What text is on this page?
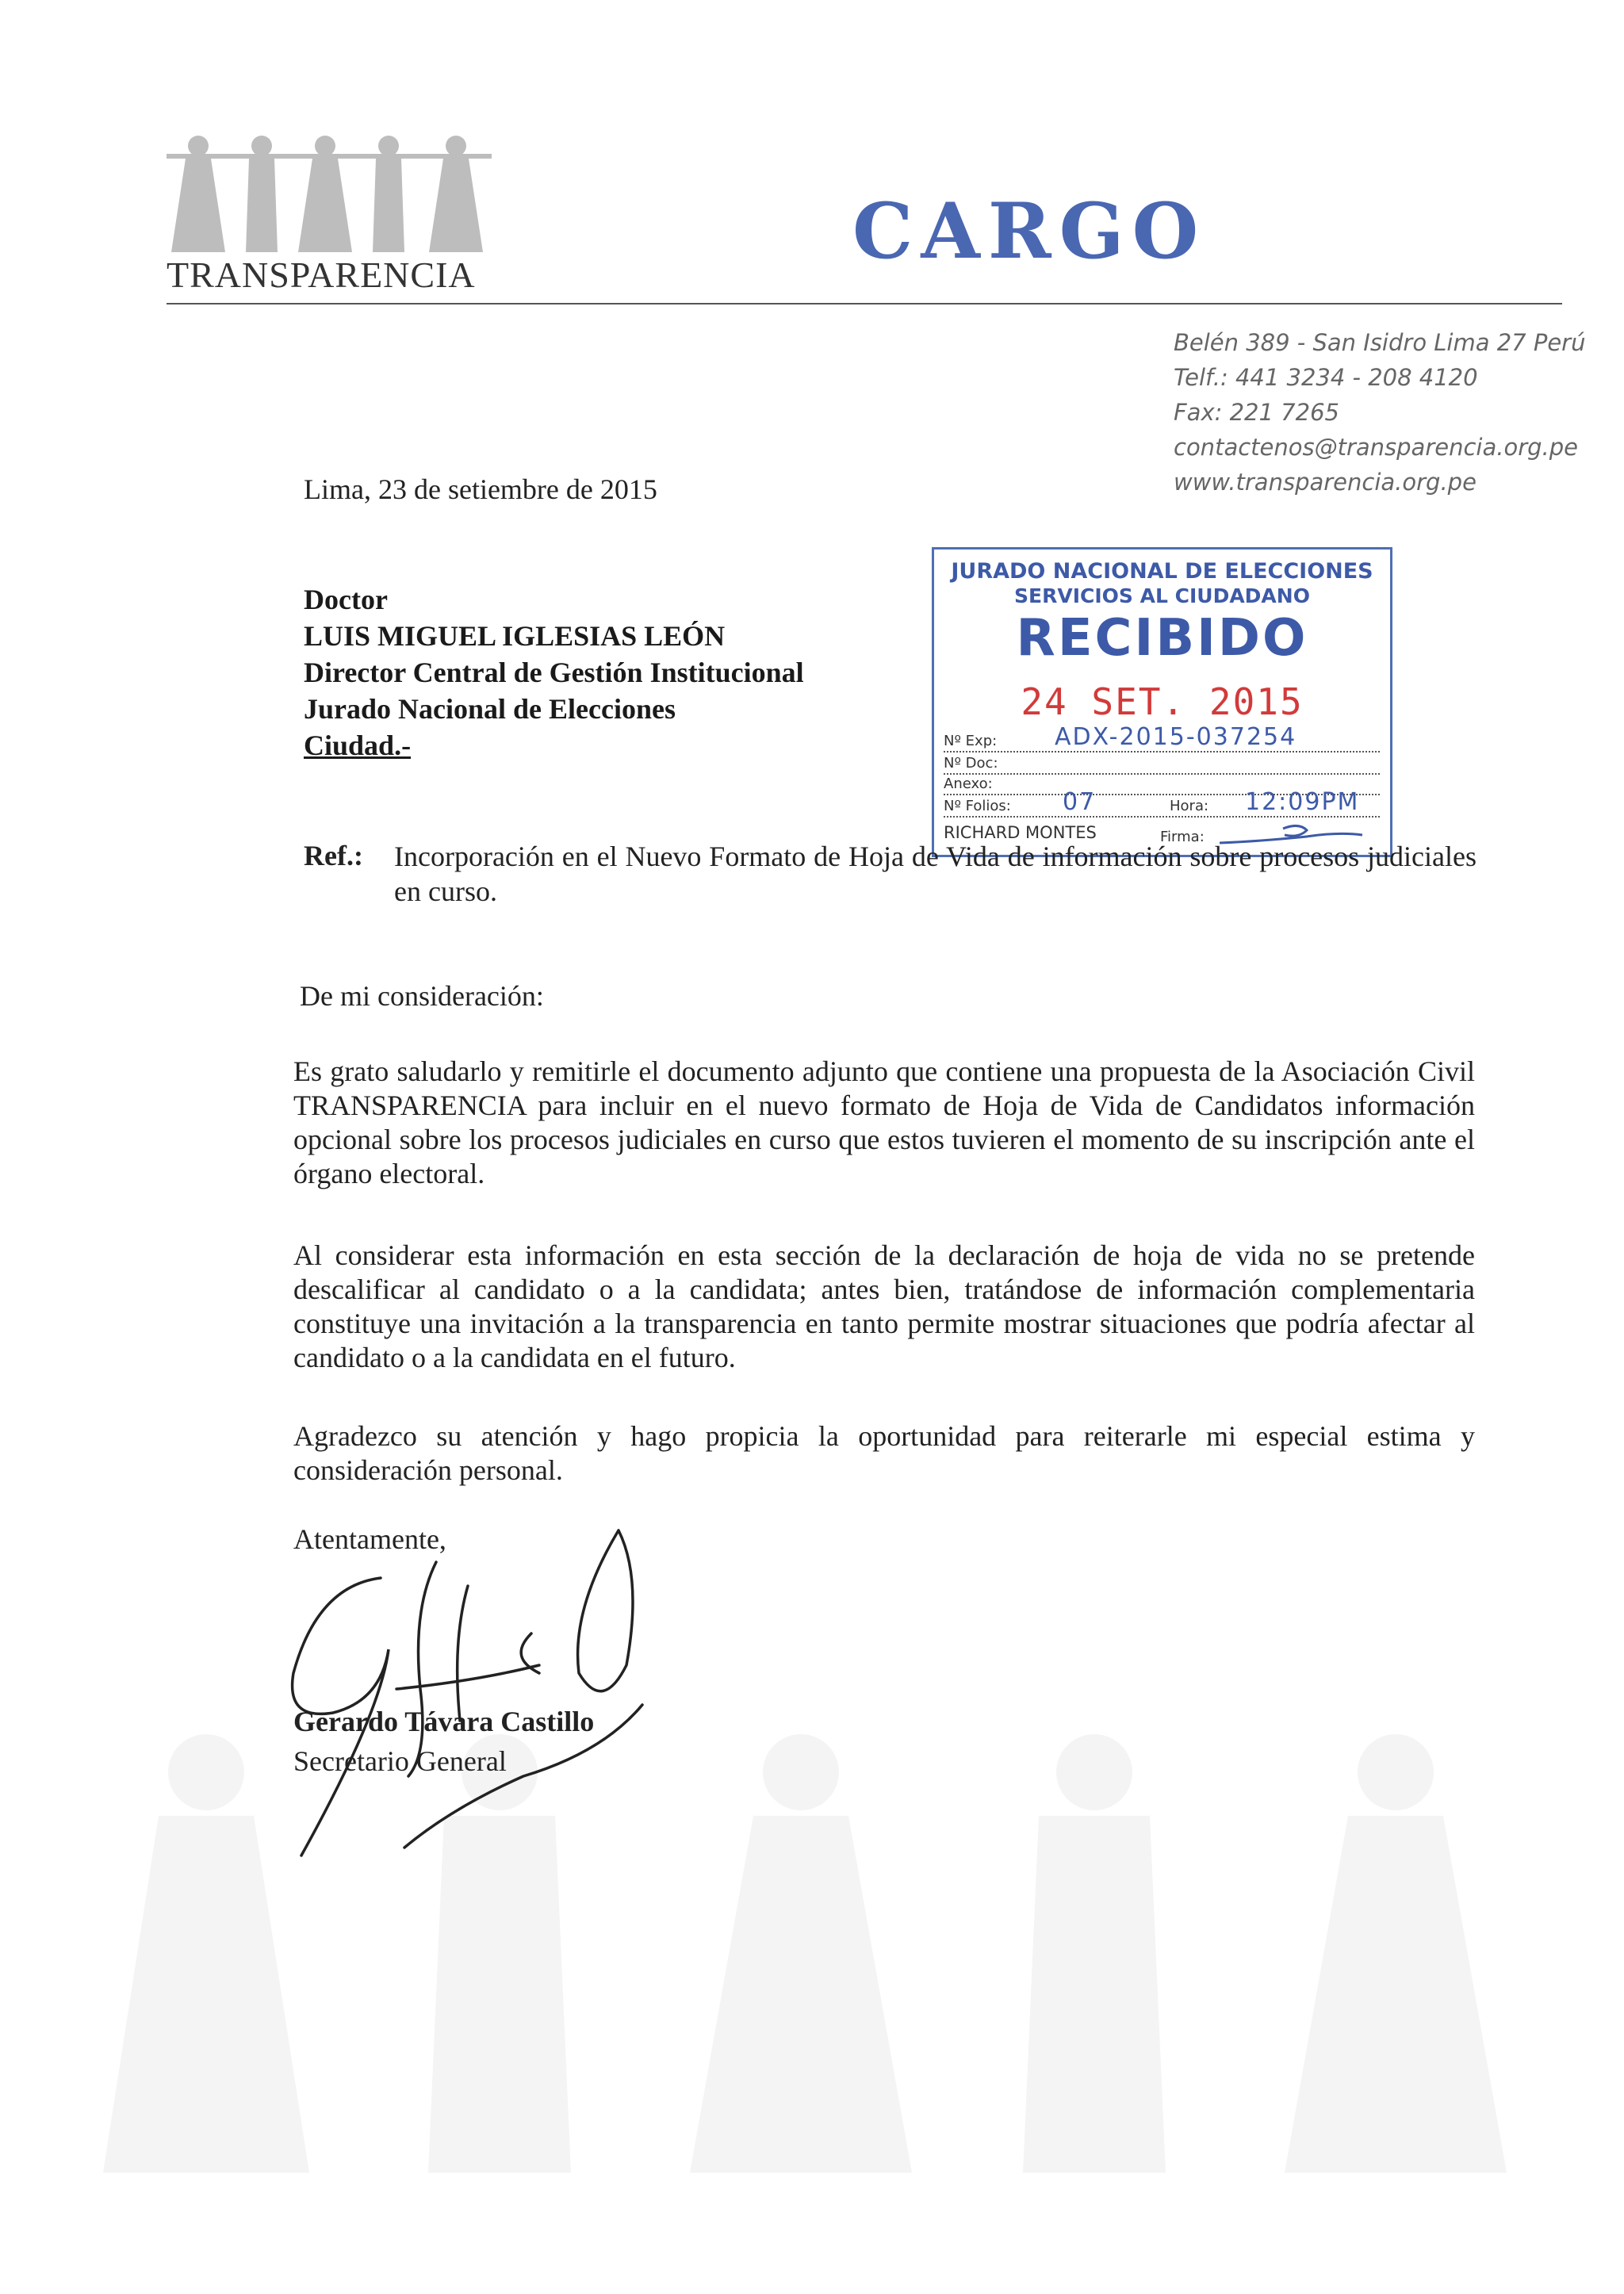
TRANSPARENCIA	CARGO
Belén 389 - San Isidro Lima 27 Perú
Telf.: 441 3234 - 208 4120
Fax: 221 7265
contactenos@transparencia.org.pe
www.transparencia.org.pe
Lima, 23 de setiembre de 2015
Doctor
LUIS MIGUEL IGLESIAS LEÓN
Director Central de Gestión Institucional
Jurado Nacional de Elecciones
Ciudad.-
JURADO NACIONAL DE ELECCIONES
SERVICIOS AL CIUDADANO
RECIBIDO
24 SET. 2015
Nº Exp: ADX-2015-037254
Nº Doc:
Anexo:
Nº Folios: 07	Hora: 12:09PM
RICHARD MONTES	Firma:
Ref.: Incorporación en el Nuevo Formato de Hoja de Vida de información sobre procesos judiciales en curso.
De mi consideración:
Es grato saludarlo y remitirle el documento adjunto que contiene una propuesta de la Asociación Civil TRANSPARENCIA para incluir en el nuevo formato de Hoja de Vida de Candidatos información opcional sobre los procesos judiciales en curso que estos tuvieren el momento de su inscripción ante el órgano electoral.
Al considerar esta información en esta sección de la declaración de hoja de vida no se pretende descalificar al candidato o a la candidata; antes bien, tratándose de información complementaria constituye una invitación a la transparencia en tanto permite mostrar situaciones que podría afectar al candidato o a la candidata en el futuro.
Agradezco su atención y hago propicia la oportunidad para reiterarle mi especial estima y consideración personal.
Atentamente,
Gerardo Távara Castillo
Secretario General
